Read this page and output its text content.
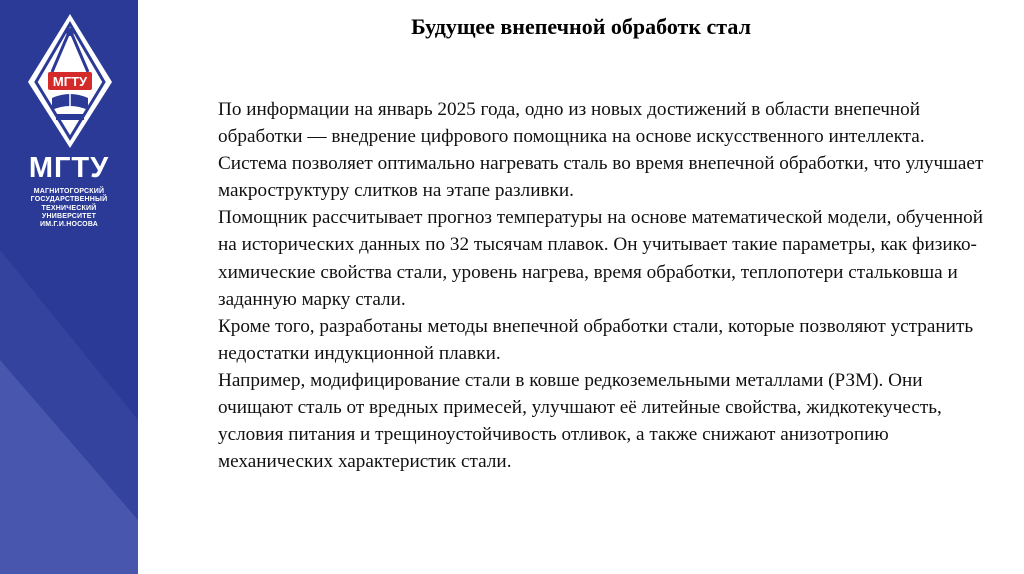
МГТУ
МГТУ
МАГНИТОГОРСКИЙ
ГОСУДАРСТВЕННЫЙ
ТЕХНИЧЕСКИЙ
УНИВЕРСИТЕТ
ИМ.Г.И.НОСОВА
Будущее внепечной обработк стал

По информации на январь 2025 года, одно из новых достижений в области внепечной обработки — внедрение цифрового помощника на основе искусственного интеллекта.

Система позволяет оптимально нагревать сталь во время внепечной обработки, что улучшает макроструктуру слитков на этапе разливки.

Помощник рассчитывает прогноз температуры на основе математической модели, обученной на исторических данных по 32 тысячам плавок. Он учитывает такие параметры, как физико-химические свойства стали, уровень нагрева, время обработки, теплопотери стальковша и заданную марку стали.

Кроме того, разработаны методы внепечной обработки стали, которые позволяют устранить недостатки индукционной плавки.

Например, модифицирование стали в ковше редкоземельными металлами (РЗМ). Они очищают сталь от вредных примесей, улучшают её литейные свойства, жидкотекучесть, условия питания и трещиноустойчивость отливок, а также снижают анизотропию механических характеристик стали.
